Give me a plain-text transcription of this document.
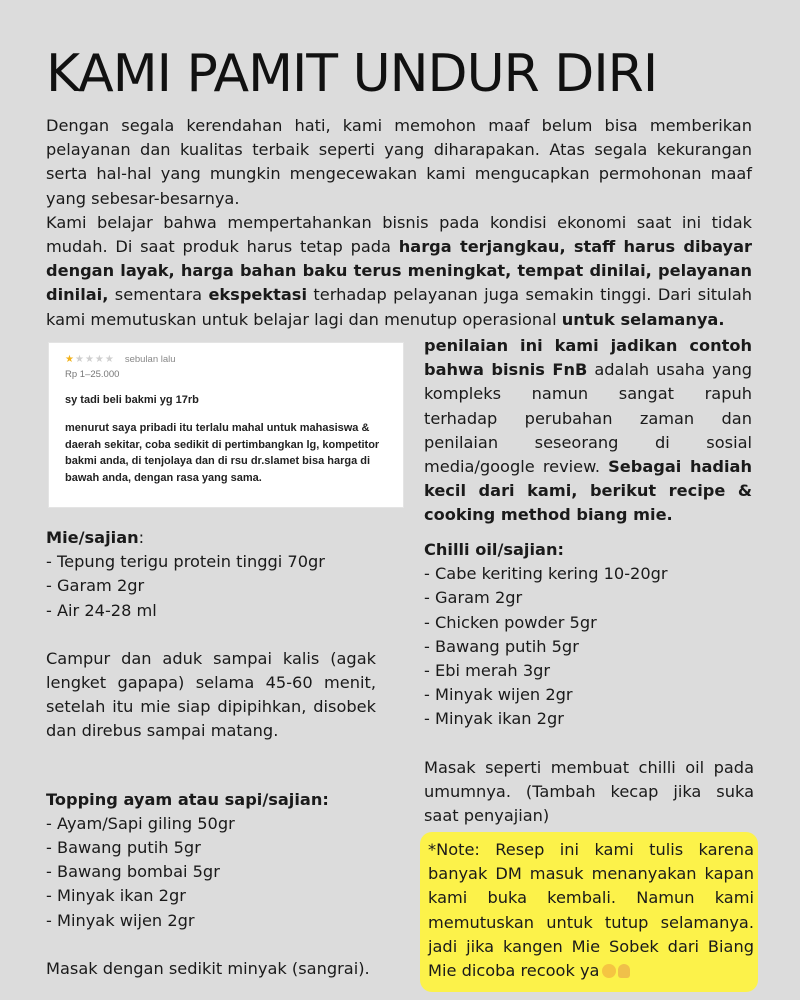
KAMI PAMIT UNDUR DIRI

Dengan segala kerendahan hati, kami memohon maaf belum bisa memberikan pelayanan dan kualitas terbaik seperti yang diharapakan. Atas segala kekurangan serta hal-hal yang mungkin mengecewakan kami mengucapkan permohonan maaf yang sebesar-besarnya.

Kami belajar bahwa mempertahankan bisnis pada kondisi ekonomi saat ini tidak mudah. Di saat produk harus tetap pada harga terjangkau, staff harus dibayar dengan layak, harga bahan baku terus meningkat, tempat dinilai, pelayanan dinilai, sementara ekspektasi terhadap pelayanan juga semakin tinggi. Dari situlah kami memutuskan untuk belajar lagi dan menutup operasional untuk selamanya.

★ ★ ★ ★ ★ sebulan lalu
Rp 1–25.000
sy tadi beli bakmi yg 17rb
menurut saya pribadi itu terlalu mahal untuk mahasiswa & daerah sekitar, coba sedikit di pertimbangkan lg, kompetitor bakmi anda, di tenjolaya dan di rsu dr.slamet bisa harga di bawah anda, dengan rasa yang sama.
penilaian ini kami jadikan contoh bahwa bisnis FnB adalah usaha yang kompleks namun sangat rapuh terhadap perubahan zaman dan penilaian seseorang di sosial media/google review. Sebagai hadiah kecil dari kami, berikut recipe & cooking method biang mie.
Mie/sajian:
- Tepung terigu protein tinggi 70gr
- Garam 2gr
- Air 24-28 ml

Campur dan aduk sampai kalis (agak lengket gapapa) selama 45-60 menit, setelah itu mie siap dipipihkan, disobek dan direbus sampai matang.

Topping ayam atau sapi/sajian:
- Ayam/Sapi giling 50gr
- Bawang putih 5gr
- Bawang bombai 5gr
- Minyak ikan 2gr
- Minyak wijen 2gr

Masak dengan sedikit minyak (sangrai).

Chilli oil/sajian:
- Cabe keriting kering 10-20gr
- Garam 2gr
- Chicken powder 5gr
- Bawang putih 5gr
- Ebi merah 3gr
- Minyak wijen 2gr
- Minyak ikan 2gr

Masak seperti membuat chilli oil pada umumnya. (Tambah kecap jika suka saat penyajian)

*Note: Resep ini kami tulis karena banyak DM masuk menanyakan kapan kami buka kembali. Namun kami memutuskan untuk tutup selamanya. jadi jika kangen Mie Sobek dari Biang Mie dicoba recook ya
